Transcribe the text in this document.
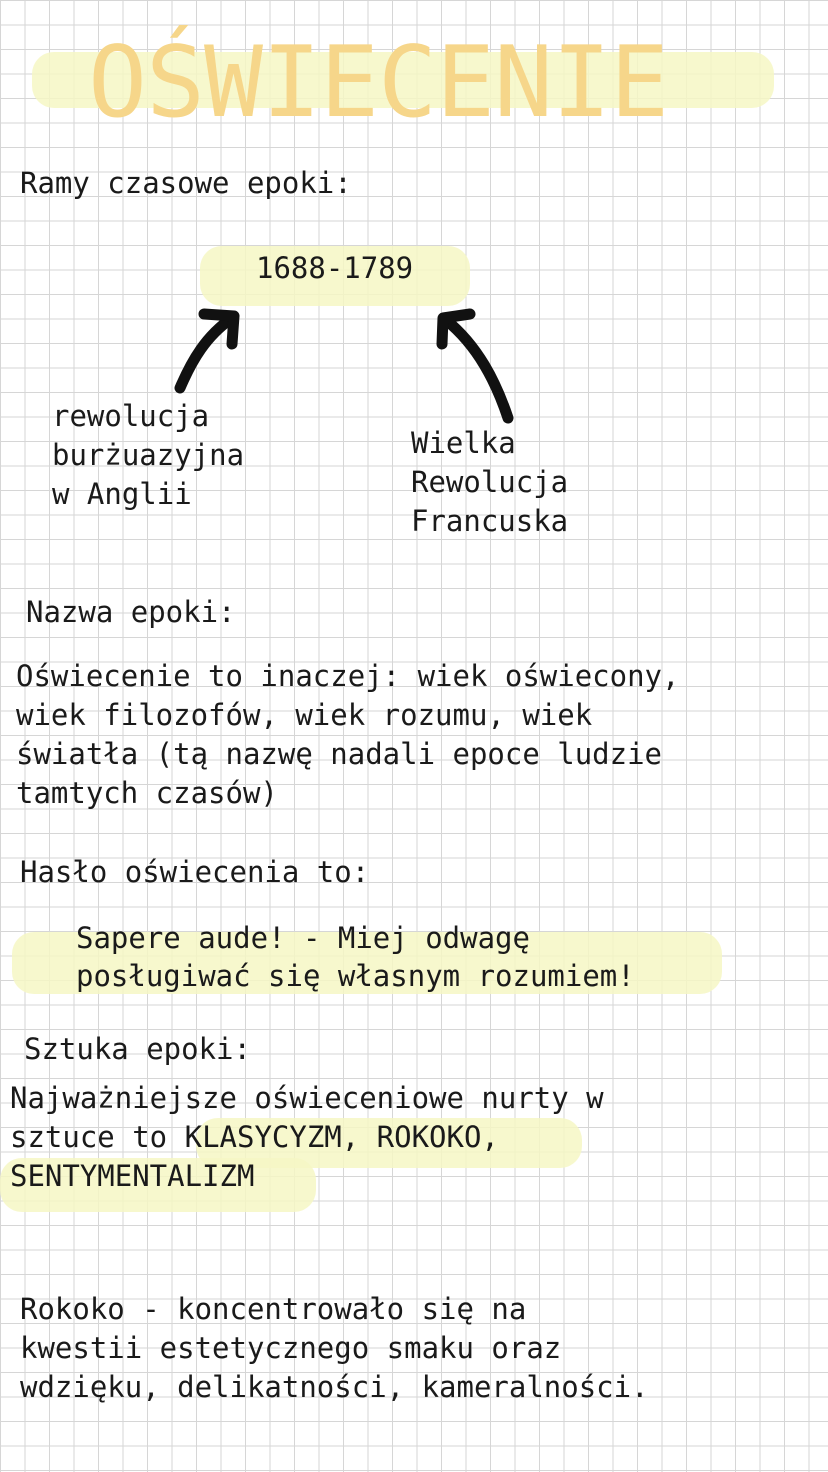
OŚWIECENIE
Ramy czasowe epoki:
1688-1789
rewolucja
burżuazyjna
w Anglii
Wielka
Rewolucja
Francuska
Nazwa epoki:
Oświecenie to inaczej: wiek oświecony,
wiek filozofów, wiek rozumu, wiek
światła (tą nazwę nadali epoce ludzie
tamtych czasów)
Hasło oświecenia to:
Sapere aude! - Miej odwagę
posługiwać się własnym rozumiem!
Sztuka epoki:
Najważniejsze oświeceniowe nurty w
sztuce to KLASYCYZM, ROKOKO,
SENTYMENTALIZM
Rokoko - koncentrowało się na
kwestii estetycznego smaku oraz
wdzięku, delikatności, kameralności.
